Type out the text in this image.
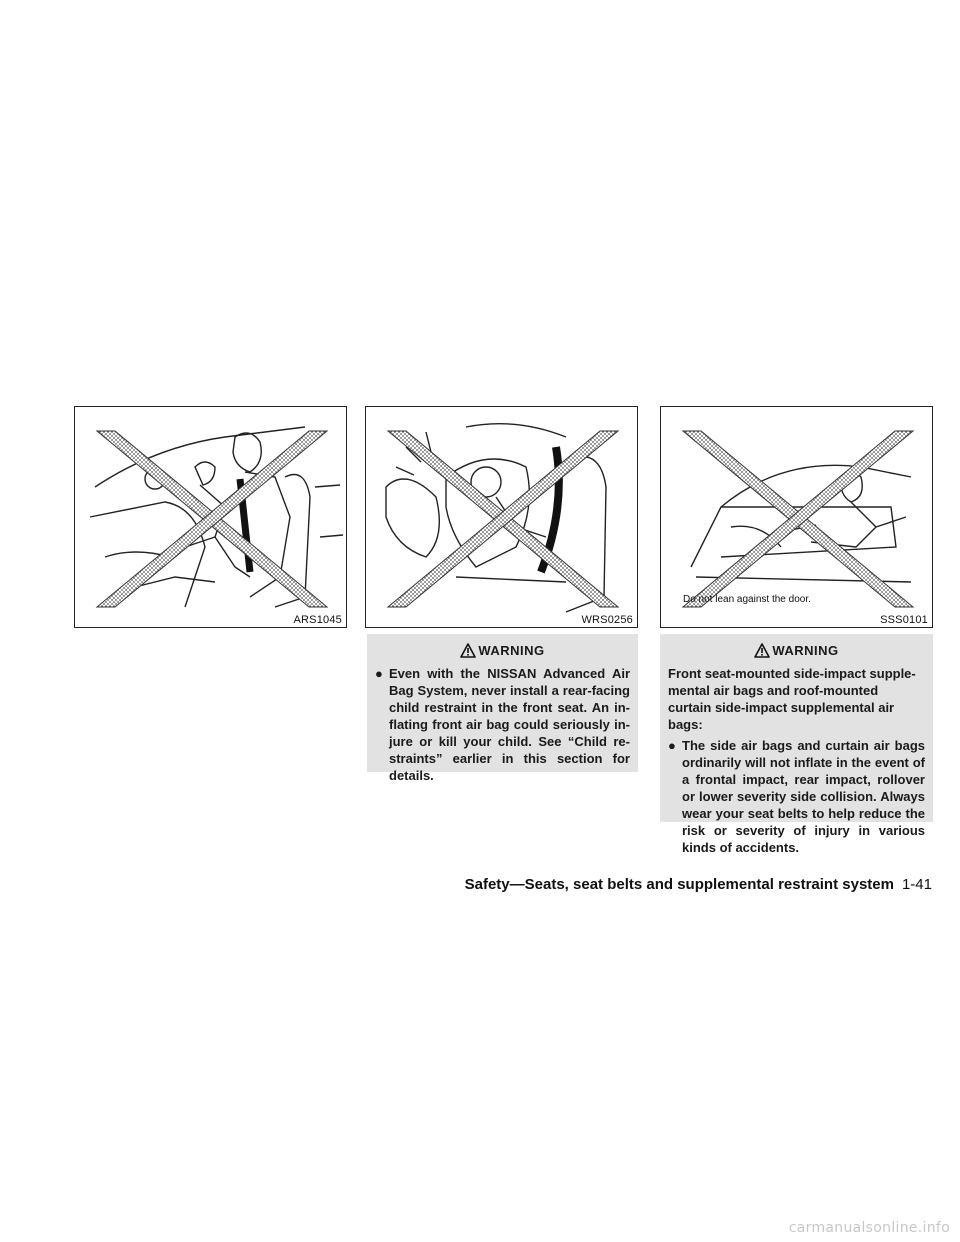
ARS1045	WRS0256
Do not lean against the door.
SSS0101
WARNING
● Even with the NISSAN Advanced Air Bag System, never install a rear-facing child restraint in the front seat. An in-flating front air bag could seriously in-jure or kill your child. See “Child re-straints” earlier in this section for details.
WARNING
Front seat-mounted side-impact supple-mental air bags and roof-mounted curtain side-impact supplemental air bags:
● The side air bags and curtain air bags ordinarily will not inflate in the event of a frontal impact, rear impact, rollover or lower severity side collision. Always wear your seat belts to help reduce the risk or severity of injury in various kinds of accidents.
Safety—Seats, seat belts and supplemental restraint system 1-41
carmanualsonline.info
